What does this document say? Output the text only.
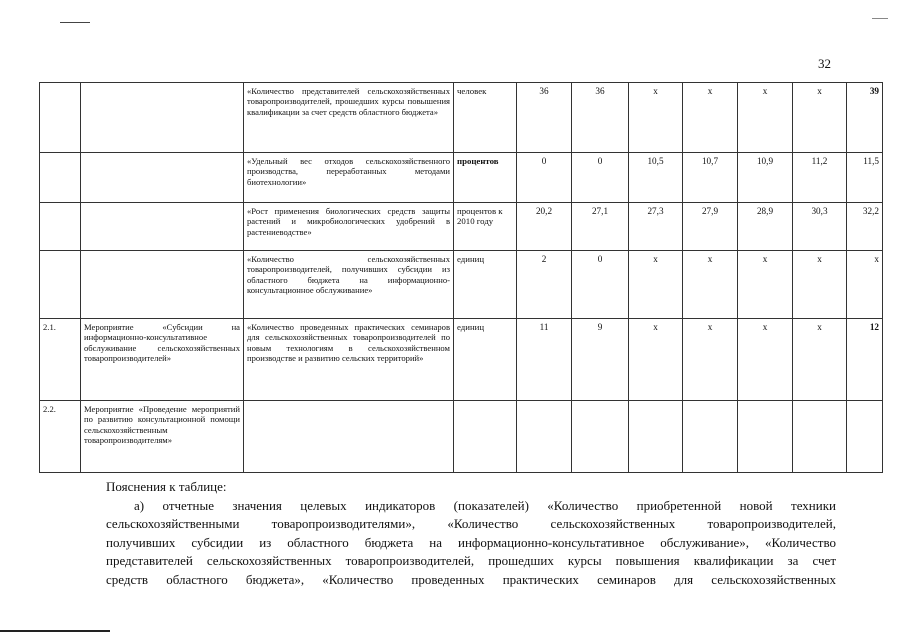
32
		«Количество представителей сельскохозяйственных товаропроизводителей, прошедших курсы повышения квалификации за счет средств областного бюджета»	человек	36	36	х	х	х	х	39
		«Удельный вес отходов сельскохозяйственного производства, переработанных методами биотехнологии»	процентов	0	0	10,5	10,7	10,9	11,2	11,5
		«Рост применения биологических средств защиты растений и микробиологических удобрений в растениеводстве»	процентов к 2010 году	20,2	27,1	27,3	27,9	28,9	30,3	32,2
		«Количество сельскохозяйственных товаропроизводителей, получивших субсидии из областного бюджета на информационно-консультационное обслуживание»	единиц	2	0	х	х	х	х	х
2.1.	Мероприятие «Субсидии на информационно-консультативное обслуживание сельскохозяйственных товаропроизводителей»	«Количество проведенных практических семинаров для сельскохозяйственных товаропроизводителей по новым технологиям в сельскохозяйственном производстве и развитию сельских территорий»	единиц	11	9	х	х	х	х	12
2.2.	Мероприятие «Проведение мероприятий по развитию консультационной помощи сельскохозяйственным товаропроизводителям»									

Пояснения к таблице:

а) отчетные значения целевых индикаторов (показателей) «Количество приобретенной новой техники
сельскохозяйственными товаропроизводителями», «Количество сельскохозяйственных товаропроизводителей,
получивших субсидии из областного бюджета на информационно-консультативное обслуживание», «Количество
представителей сельскохозяйственных товаропроизводителей, прошедших курсы повышения квалификации за счет
средств областного бюджета», «Количество проведенных практических семинаров для сельскохозяйственных
